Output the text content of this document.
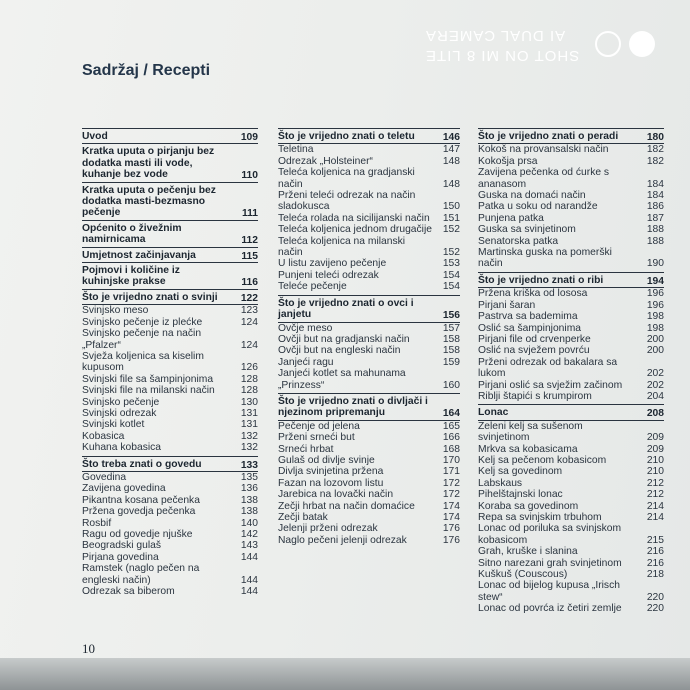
SHOT ON MI 8 LITE
AI DUAL CAMERA
Sadržaj / Recepti
Uvod	109
Kratka uputa o pirjanju bez dodatka masti ili vode, kuhanje bez vode	110
Kratka uputa o pečenju bez dodatka masti-bezmasno pečenje	111
Općenito o živežnim namirnicama	112
Umjetnost začinjavanja	115
Pojmovi i količine iz kuhinjske prakse	116
Što je vrijedno znati o svinji	122
Svinjsko meso	123
Svinjsko pečenje iz plećke	124
Svinjsko pečenje na način „Pfalzer“	124
Svježa koljenica sa kiselim kupusom	126
Svinjski file sa šampinjonima	128
Svinjski file na milanski način	128
Svinjsko pečenje	130
Svinjski odrezak	131
Svinjski kotlet	131
Kobasica	132
Kuhana kobasica	132
Što treba znati o govedu	133
Govedina	135
Zavijena govedina	136
Pikantna kosana pečenka	138
Pržena govedja pečenka	138
Rosbif	140
Ragu od govedje njuške	142
Beogradski gulaš	143
Pirjana govedina	144
Ramstek (naglo pečen na engleski način)	144
Odrezak sa biberom	144
Što je vrijedno znati o teletu	146
Teletina	147
Odrezak „Holsteiner“	148
Teleća koljenica na gradjanski način	148
Prženi teleći odrezak na način sladokusca	150
Teleća rolada na sicilijanski način 151
Teleća koljenica jednom drugačije 152
Teleća koljenica na milanski način	152
U listu zavijeno pečenje	153
Punjeni teleći odrezak	154
Teleće pečenje	154
Što je vrijedno znati o ovci i janjetu	156
Ovčje meso	157
Ovčji but na gradjanski način	158
Ovčji but na engleski način	158
Janjeći ragu	159
Janjeći kotlet sa mahunama „Prinzess“	160
Što je vrijedno znati o divljači i njezinom pripremanju	164
Pečenje od jelena	165
Prženi srneći but	166
Srneći hrbat	168
Gulaš od divlje svinje	170
Divlja svinjetina pržena	171
Fazan na lozovom listu	172
Jarebica na lovački način	172
Zečji hrbat na način domaćice	174
Zečji batak	174
Jelenji prženi odrezak	176
Naglo pečeni jelenji odrezak	176
Što je vrijedno znati o peradi	180
Kokoš na provansalski način	182
Kokošja prsa	182
Zavijena pečenka od ćurke s ananasom	184
Guska na domaći način	184
Patka u soku od narandže	186
Punjena patka	187
Guska sa svinjetinom	188
Senatorska patka	188
Martinska guska na pomerški način	190
Što je vrijedno znati o ribi	194
Pržena kriška od lososa	196
Pirjani šaran	196
Pastrva sa bademima	198
Oslić sa šampinjonima	198
Pirjani file od crvenperke	200
Oslić na svježem povrću	200
Prženi odrezak od bakalara sa lukom	202
Pirjani oslić sa svježim začinom	202
Riblji štapići s krumpirom	204
Lonac	208
Zeleni kelj sa sušenom svinjetinom	209
Mrkva sa kobasicama	209
Kelj sa pečenom kobasicom	210
Kelj sa govedinom	210
Labskaus	212
Pihelštajnski lonac	212
Koraba sa govedinom	214
Repa sa svinjskim trbuhom	214
Lonac od poriluka sa svinjskom kobasicom	215
Grah, kruške i slanina	216
Sitno narezani grah svinjetinom	216
Kuškuš (Couscous)	218
Lonac od bijelog kupusa „Irisch stew“	220
Lonac od povrća iz četiri zemlje	220
10
